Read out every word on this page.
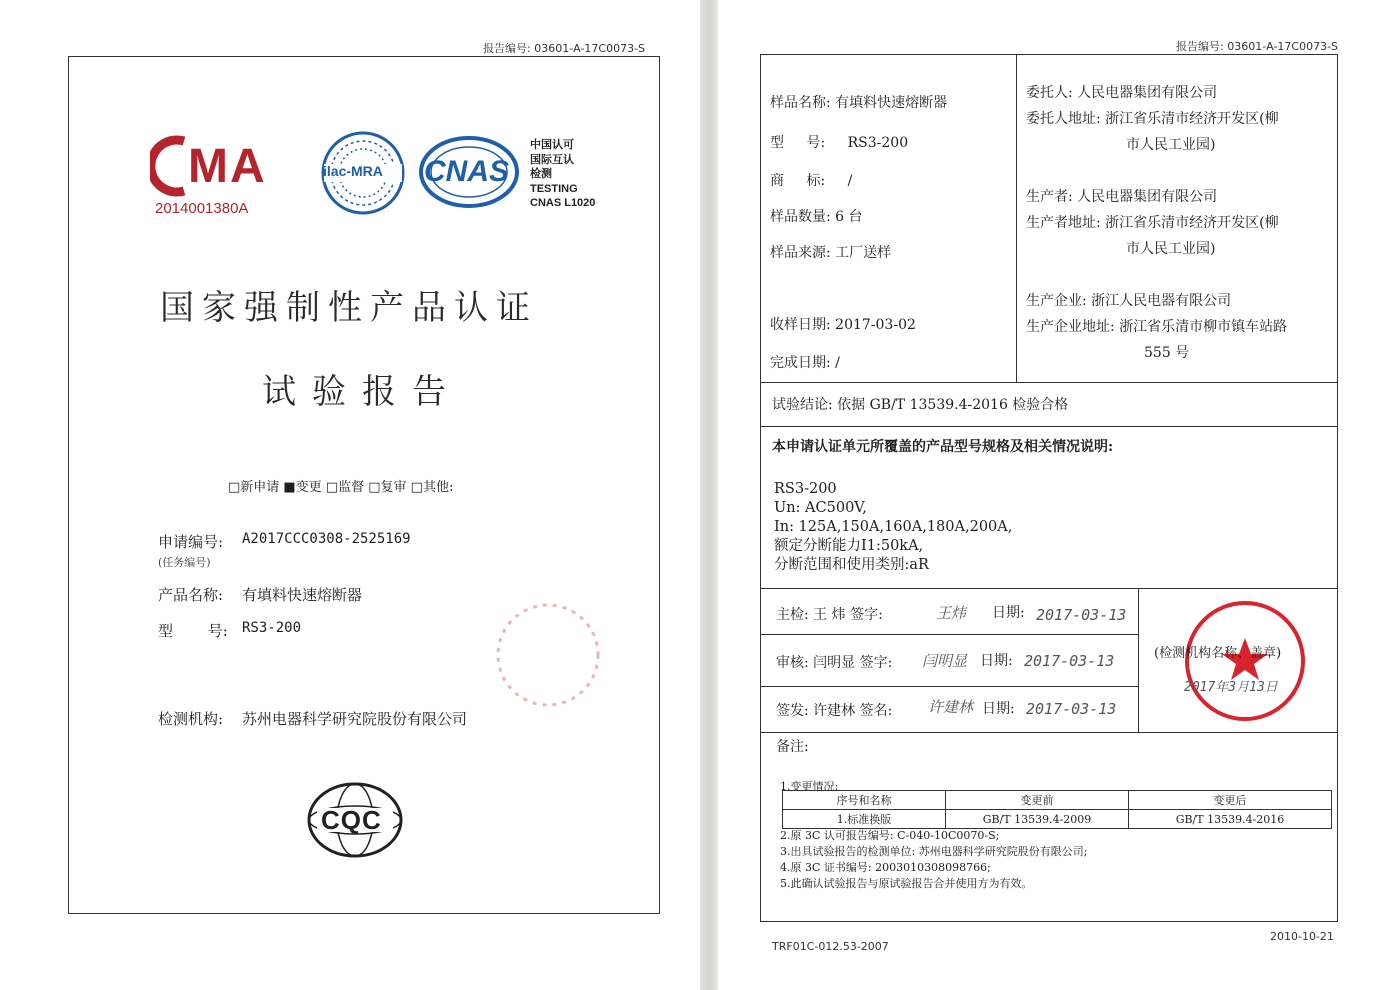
报告编号: 03601-A-17C0073-S
MA
2014001380A
ilac-MRA CNAS
中国认可
国际互认
检测
TESTING
CNAS L1020
国家强制性产品认证
试验报告
□新申请 ■变更 □监督 □复审 □其他:
申请编号: A2017CCC0308-2525169
(任务编号)
产品名称: 有填料快速熔断器
型 号: RS3-200
检测机构: 苏州电器科学研究院股份有限公司
CQC
报告编号: 03601-A-17C0073-S
样品名称: 有填料快速熔断器
型 号: RS3-200
商 标: /
样品数量: 6 台
样品来源: 工厂送样
收样日期: 2017-03-02
完成日期: /
委托人: 人民电器集团有限公司
委托人地址: 浙江省乐清市经济开发区(柳
市人民工业园)
生产者: 人民电器集团有限公司
生产者地址: 浙江省乐清市经济开发区(柳
市人民工业园)
生产企业: 浙江人民电器有限公司
生产企业地址: 浙江省乐清市柳市镇车站路
555 号
试验结论: 依据 GB/T 13539.4-2016 检验合格
本申请认证单元所覆盖的产品型号规格及相关情况说明:
RS3-200
Un: AC500V,
In: 125A,150A,160A,180A,200A,
额定分断能力I1:50kA,
分断范围和使用类别:aR
主检: 王 炜 签字:	王炜 日期: 2017-03-13
审核: 闫明显 签字: 闫明显 日期: 2017-03-13
签发: 许建林 签名: 许建林 日期: 2017-03-13
(检测机构名称、盖章)
2017年3月13日
备注:
1.变更情况:
序号和名称	变更前	变更后
1.标准换版	GB/T 13539.4-2009	GB/T 13539.4-2016
2.原 3C 认可报告编号: C-040-10C0070-S;
3.出具试验报告的检测单位: 苏州电器科学研究院股份有限公司;
4.原 3C 证书编号: 2003010308098766;
5.此确认试验报告与原试验报告合并使用方为有效。
TRF01C-012.53-2007
2010-10-21
